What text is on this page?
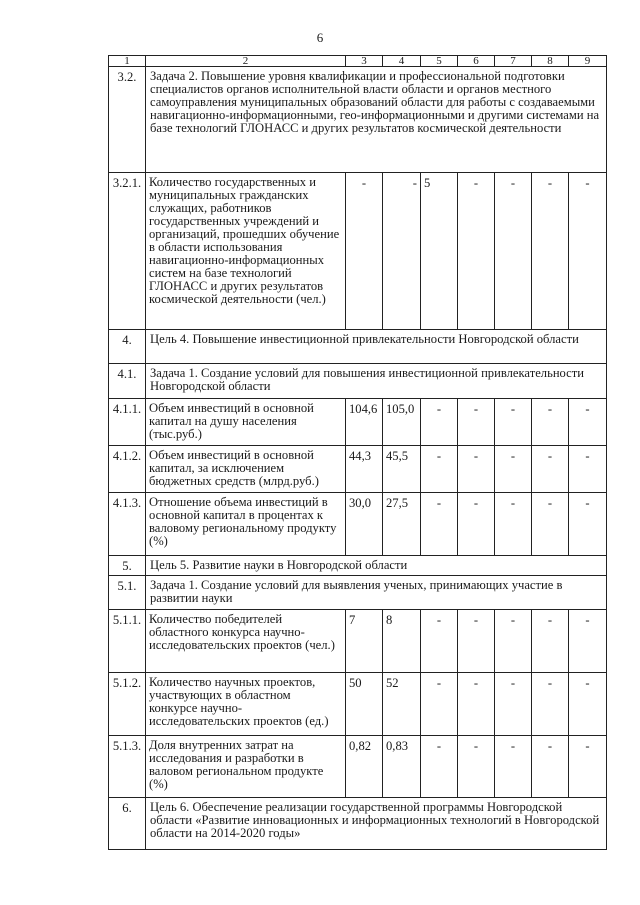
6
1	2	3	4	5	6	7	8	9
3.2.	Задача 2. Повышение уровня квалификации и профессиональной подготовки специалистов органов исполнительной власти области и органов местного самоуправления муниципальных образований области для работы с создаваемыми навигационно-информационными, гео-информационными и другими системами на базе технологий ГЛОНАСС и других результатов космической деятельности							
3.2.1.	Количество государственных и муниципальных гражданских служащих, работников государственных учреждений и организаций, прошедших обучение в области использования навигационно-информационных систем на базе технологий ГЛОНАСС и других результатов космической деятельности (чел.)	-	-	5	-	-	-	-
4.	Цель 4. Повышение инвестиционной привлекательности Новгородской области							
4.1.	Задача 1. Создание условий для повышения инвестиционной привлекательности Новгородской области							
4.1.1.	Объем инвестиций в основной капитал на душу населения (тыс.руб.)	104,6	105,0	-	-	-	-	-
4.1.2.	Объем инвестиций в основной капитал, за исключением бюджетных средств (млрд.руб.)	44,3	45,5	-	-	-	-	-
4.1.3.	Отношение объема инвестиций в основной капитал в процентах к валовому региональному продукту (%)	30,0	27,5	-	-	-	-	-
5.	Цель 5. Развитие науки в Новгородской области							
5.1.	Задача 1. Создание условий для выявления ученых, принимающих участие в развитии науки							
5.1.1.	Количество победителей областного конкурса научно-исследовательских проектов (чел.)	7	8	-	-	-	-	-
5.1.2.	Количество научных проектов, участвующих в областном конкурсе научно-исследовательских проектов (ед.)	50	52	-	-	-	-	-
5.1.3.	Доля внутренних затрат на исследования и разработки в валовом региональном продукте (%)	0,82	0,83	-	-	-	-	-
6.	Цель 6. Обеспечение реализации государственной программы Новгородской области «Развитие инновационных и информационных технологий в Новгородской области на 2014-2020 годы»							
